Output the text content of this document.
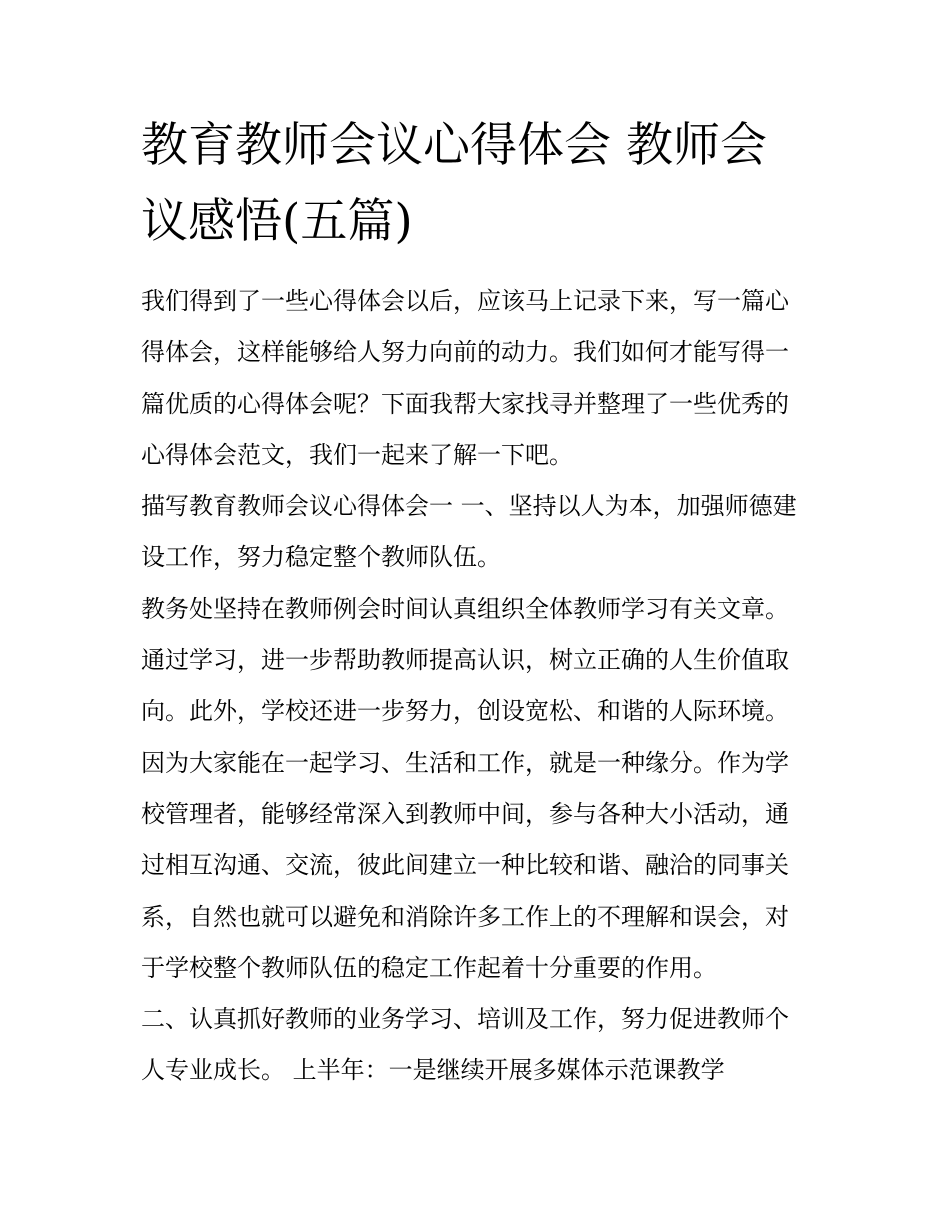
教育教师会议心得体会 教师会议感悟(五篇)

我们得到了一些心得体会以后，应该马上记录下来，写一篇心得体会，这样能够给人努力向前的动力。我们如何才能写得一篇优质的心得体会呢？下面我帮大家找寻并整理了一些优秀的心得体会范文，我们一起来了解一下吧。

描写教育教师会议心得体会一 一、坚持以人为本，加强师德建设工作，努力稳定整个教师队伍。

教务处坚持在教师例会时间认真组织全体教师学习有关文章。通过学习，进一步帮助教师提高认识，树立正确的人生价值取向。此外，学校还进一步努力，创设宽松、和谐的人际环境。因为大家能在一起学习、生活和工作，就是一种缘分。作为学校管理者，能够经常深入到教师中间，参与各种大小活动，通过相互沟通、交流，彼此间建立一种比较和谐、融洽的同事关系，自然也就可以避免和消除许多工作上的不理解和误会，对于学校整个教师队伍的稳定工作起着十分重要的作用。

二、认真抓好教师的业务学习、培训及工作，努力促进教师个人专业成长。 上半年：一是继续开展多媒体示范课教学
